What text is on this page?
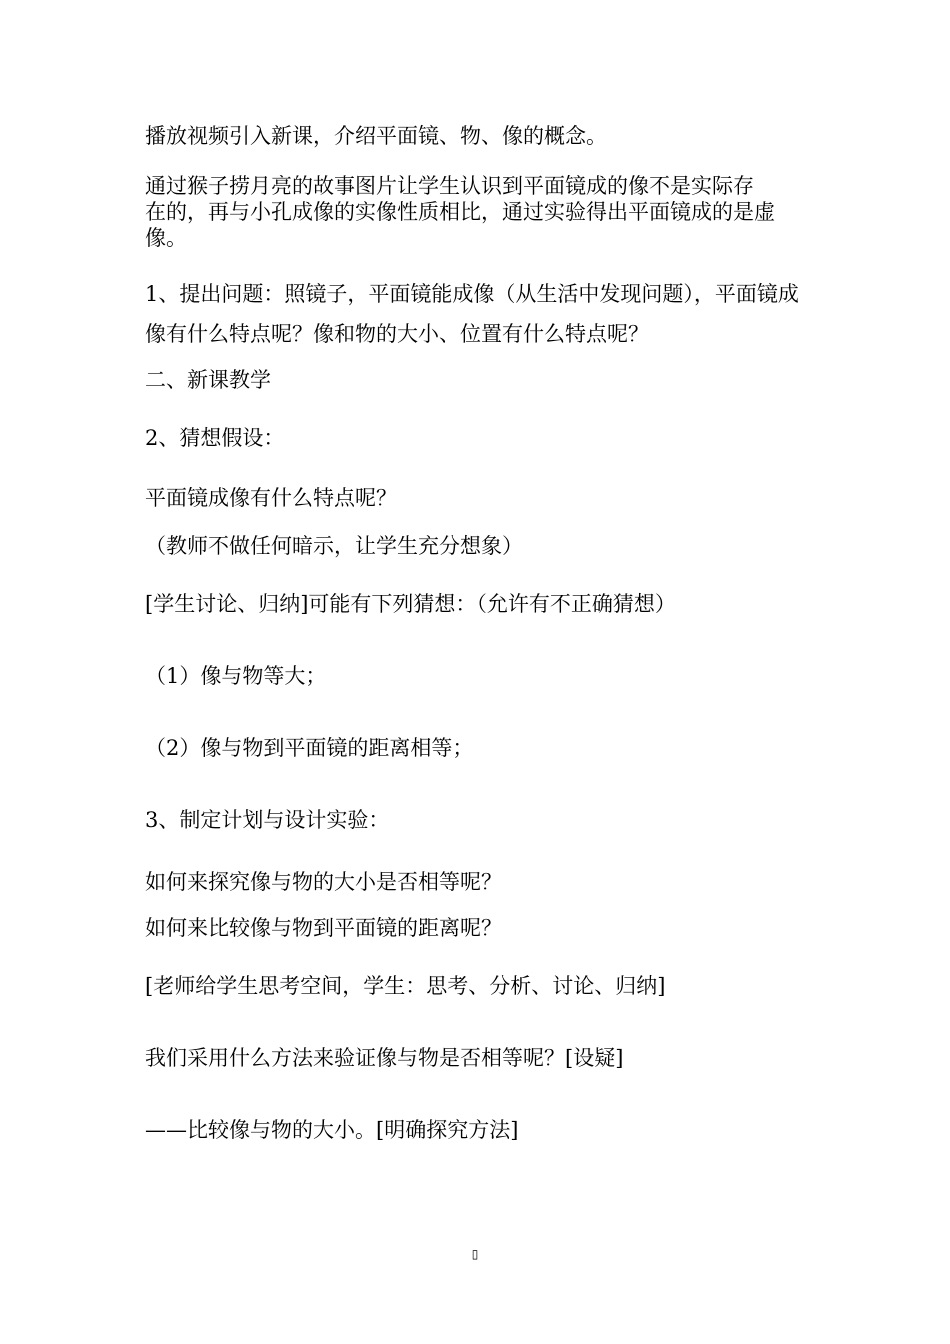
播放视频引入新课，介绍平面镜、物、像的概念。
通过猴子捞月亮的故事图片让学生认识到平面镜成的像不是实际存
在的，再与小孔成像的实像性质相比，通过实验得出平面镜成的是虚
像。
1、提出问题：照镜子，平面镜能成像（从生活中发现问题），平面镜成
像有什么特点呢？像和物的大小、位置有什么特点呢？
二、新课教学
2、猜想假设：
平面镜成像有什么特点呢？
（教师不做任何暗示，让学生充分想象）
[学生讨论、归纳]可能有下列猜想：（允许有不正确猜想）
（1）像与物等大；
（2）像与物到平面镜的距离相等；
3、制定计划与设计实验：
如何来探究像与物的大小是否相等呢？
如何来比较像与物到平面镜的距离呢？
[老师给学生思考空间，学生：思考、分析、讨论、归纳]
我们采用什么方法来验证像与物是否相等呢？[设疑]
——比较像与物的大小。[明确探究方法]
▯
